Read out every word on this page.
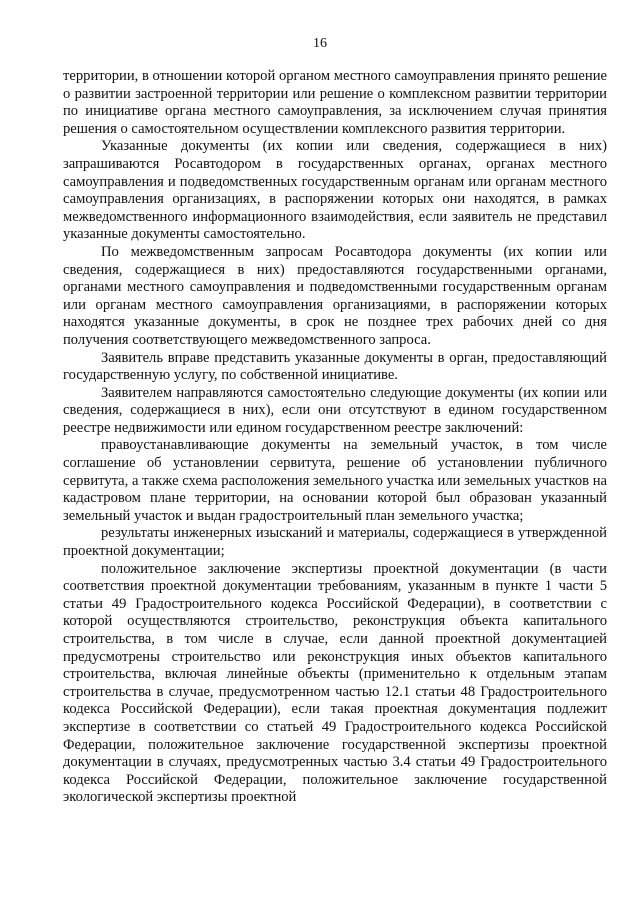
16

территории, в отношении которой органом местного самоуправления принято решение о развитии застроенной территории или решение о комплексном развитии территории по инициативе органа местного самоуправления, за исключением случая принятия решения о самостоятельном осуществлении комплексного развития территории.

Указанные документы (их копии или сведения, содержащиеся в них) запрашиваются Росавтодором в государственных органах, органах местного самоуправления и подведомственных государственным органам или органам местного самоуправления организациях, в распоряжении которых они находятся, в рамках межведомственного информационного взаимодействия, если заявитель не представил указанные документы самостоятельно.

По межведомственным запросам Росавтодора документы (их копии или сведения, содержащиеся в них) предоставляются государственными органами, органами местного самоуправления и подведомственными государственным органам или органам местного самоуправления организациями, в распоряжении которых находятся указанные документы, в срок не позднее трех рабочих дней со дня получения соответствующего межведомственного запроса.

Заявитель вправе представить указанные документы в орган, предоставляющий государственную услугу, по собственной инициативе.

Заявителем направляются самостоятельно следующие документы (их копии или сведения, содержащиеся в них), если они отсутствуют в едином государственном реестре недвижимости или едином государственном реестре заключений:

правоустанавливающие документы на земельный участок, в том числе соглашение об установлении сервитута, решение об установлении публичного сервитута, а также схема расположения земельного участка или земельных участков на кадастровом плане территории, на основании которой был образован указанный земельный участок и выдан градостроительный план земельного участка;

результаты инженерных изысканий и материалы, содержащиеся в утвержденной проектной документации;

положительное заключение экспертизы проектной документации (в части соответствия проектной документации требованиям, указанным в пункте 1 части 5 статьи 49 Градостроительного кодекса Российской Федерации), в соответствии с которой осуществляются строительство, реконструкция объекта капитального строительства, в том числе в случае, если данной проектной документацией предусмотрены строительство или реконструкция иных объектов капитального строительства, включая линейные объекты (применительно к отдельным этапам строительства в случае, предусмотренном частью 12.1 статьи 48 Градостроительного кодекса Российской Федерации), если такая проектная документация подлежит экспертизе в соответствии со статьей 49 Градостроительного кодекса Российской Федерации, положительное заключение государственной экспертизы проектной документации в случаях, предусмотренных частью 3.4 статьи 49 Градостроительного кодекса Российской Федерации, положительное заключение государственной экологической экспертизы проектной
